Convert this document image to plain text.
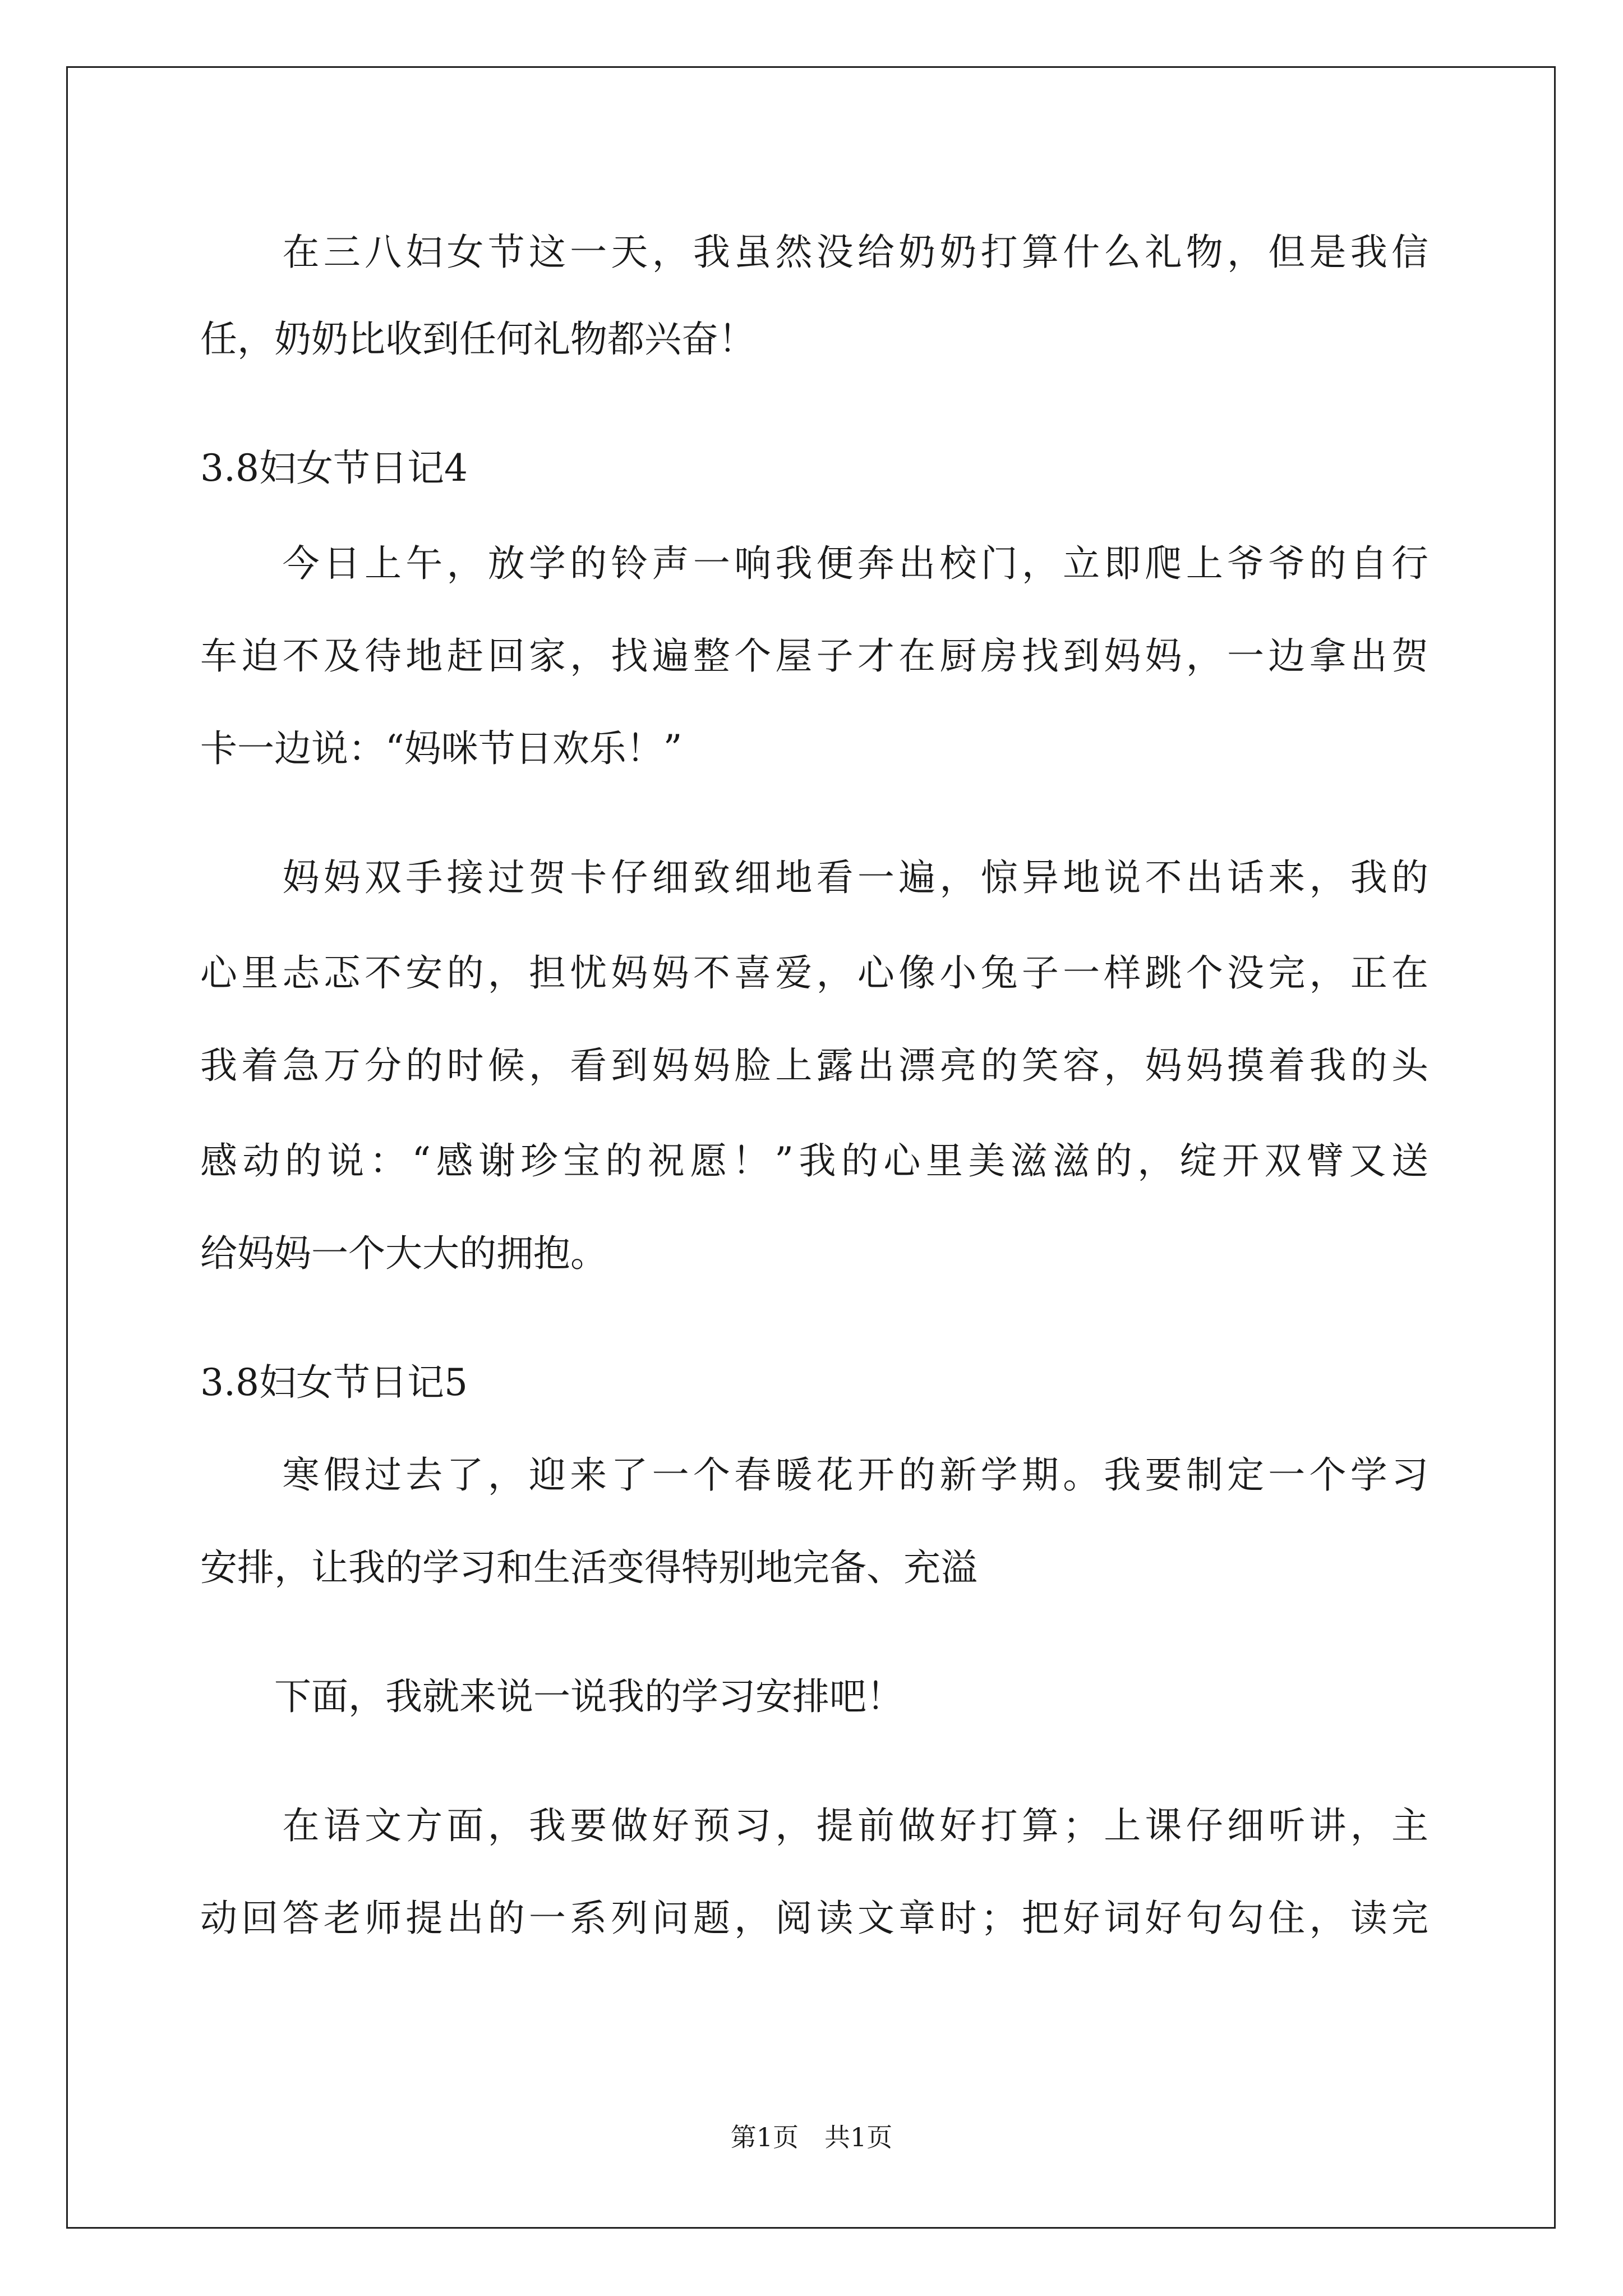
　　在三八妇女节这一天，我虽然没给奶奶打算什么礼物，但是我信
任，奶奶比收到任何礼物都兴奋！
3.8妇女节日记4
　　今日上午，放学的铃声一响我便奔出校门，立即爬上爷爷的自行
车迫不及待地赶回家，找遍整个屋子才在厨房找到妈妈，一边拿出贺
卡一边说：“妈咪节日欢乐！”
　　妈妈双手接过贺卡仔细致细地看一遍，惊异地说不出话来，我的
心里忐忑不安的，担忧妈妈不喜爱，心像小兔子一样跳个没完，正在
我着急万分的时候，看到妈妈脸上露出漂亮的笑容，妈妈摸着我的头
感动的说：“感谢珍宝的祝愿！”我的心里美滋滋的，绽开双臂又送
给妈妈一个大大的拥抱。
3.8妇女节日记5
　　寒假过去了，迎来了一个春暖花开的新学期。我要制定一个学习
安排，让我的学习和生活变得特别地完备、充溢
　　下面，我就来说一说我的学习安排吧！
　　在语文方面，我要做好预习，提前做好打算；上课仔细听讲，主
动回答老师提出的一系列问题，阅读文章时；把好词好句勾住，读完
第1页　共1页
